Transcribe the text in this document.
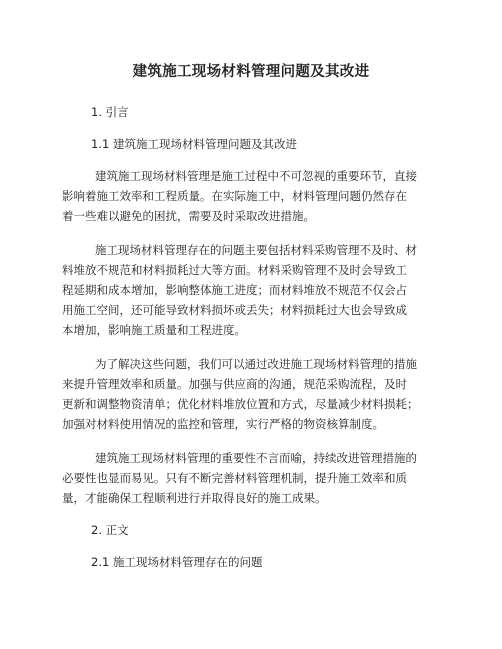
建筑施工现场材料管理问题及其改进
1. 引言
1.1 建筑施工现场材料管理问题及其改进
建筑施工现场材料管理是施工过程中不可忽视的重要环节，直接
影响着施工效率和工程质量。在实际施工中，材料管理问题仍然存在
着一些难以避免的困扰，需要及时采取改进措施。
施工现场材料管理存在的问题主要包括材料采购管理不及时、材
料堆放不规范和材料损耗过大等方面。材料采购管理不及时会导致工
程延期和成本增加，影响整体施工进度；而材料堆放不规范不仅会占
用施工空间，还可能导致材料损坏或丢失；材料损耗过大也会导致成
本增加，影响施工质量和工程进度。
为了解决这些问题，我们可以通过改进施工现场材料管理的措施
来提升管理效率和质量。加强与供应商的沟通，规范采购流程，及时
更新和调整物资清单；优化材料堆放位置和方式，尽量减少材料损耗；
加强对材料使用情况的监控和管理，实行严格的物资核算制度。
建筑施工现场材料管理的重要性不言而喻，持续改进管理措施的
必要性也显而易见。只有不断完善材料管理机制，提升施工效率和质
量，才能确保工程顺利进行并取得良好的施工成果。
2. 正文
2.1 施工现场材料管理存在的问题
